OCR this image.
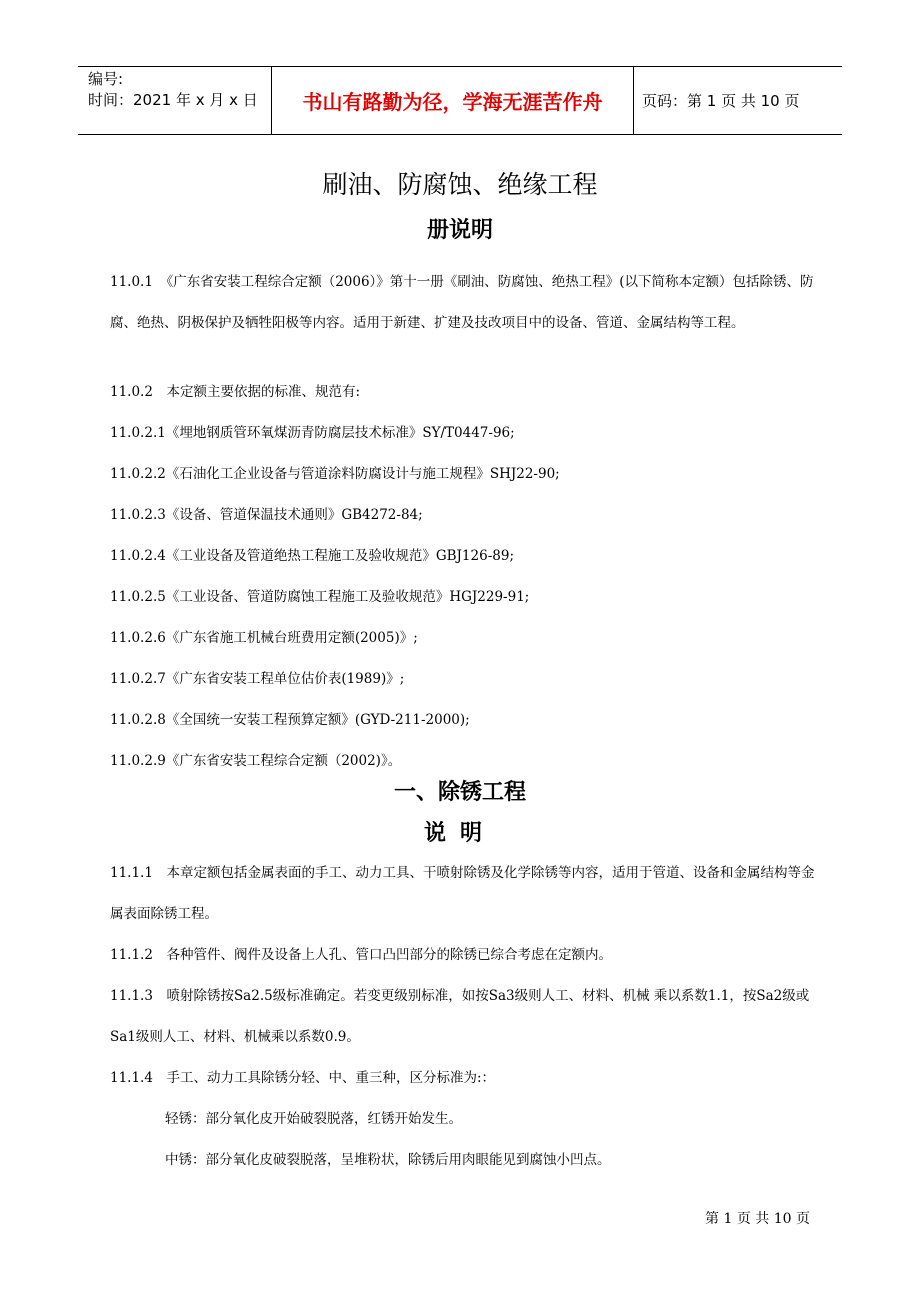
编号:
时间：2021 年 x 月 x 日	书山有路勤为径，学海无涯苦作舟	页码：第 1 页 共 10 页
刷油、防腐蚀、绝缘工程
册说明
11.0.1　《广东省安装工程综合定额（2006）》第十一册《刷油、防腐蚀、绝热工程》(以下简称本定额）包括除锈、防腐、绝热、阴极保护及牺牲阳极等内容。适用于新建、扩建及技改项目中的设备、管道、金属结构等工程。
11.0.2　本定额主要依据的标准、规范有:
11.0.2.1《埋地钢质管环氧煤沥青防腐层技术标准》SY/T0447-96;
11.0.2.2《石油化工企业设备与管道涂料防腐设计与施工规程》SHJ22-90;
11.0.2.3《设备、管道保温技术通则》GB4272-84;
11.0.2.4《工业设备及管道绝热工程施工及验收规范》GBJ126-89;
11.0.2.5《工业设备、管道防腐蚀工程施工及验收规范》HGJ229-91;
11.0.2.6《广东省施工机械台班费用定额(2005)》;
11.0.2.7《广东省安装工程单位估价表(1989)》;
11.0.2.8《全国统一安装工程预算定额》(GYD-211-2000);
11.0.2.9《广东省安装工程综合定额（2002)》。
一、除锈工程
说明
11.1.1　本章定额包括金属表面的手工、动力工具、干喷射除锈及化学除锈等内容，适用于管道、设备和金属结构等金属表面除锈工程。
11.1.2　各种管件、阀件及设备上人孔、管口凸凹部分的除锈已综合考虑在定额内。
11.1.3　喷射除锈按Sa2.5级标准确定。若变更级别标准，如按Sa3级则人工、材料、机械 乘以系数1.1，按Sa2级或Sa1级则人工、材料、机械乘以系数0.9。
11.1.4　手工、动力工具除锈分轻、中、重三种，区分标准为:：
轻锈：部分氧化皮开始破裂脱落，红锈开始发生。
中锈：部分氧化皮破裂脱落，呈堆粉状，除锈后用肉眼能见到腐蚀小凹点。
第 1 页 共 10 页
